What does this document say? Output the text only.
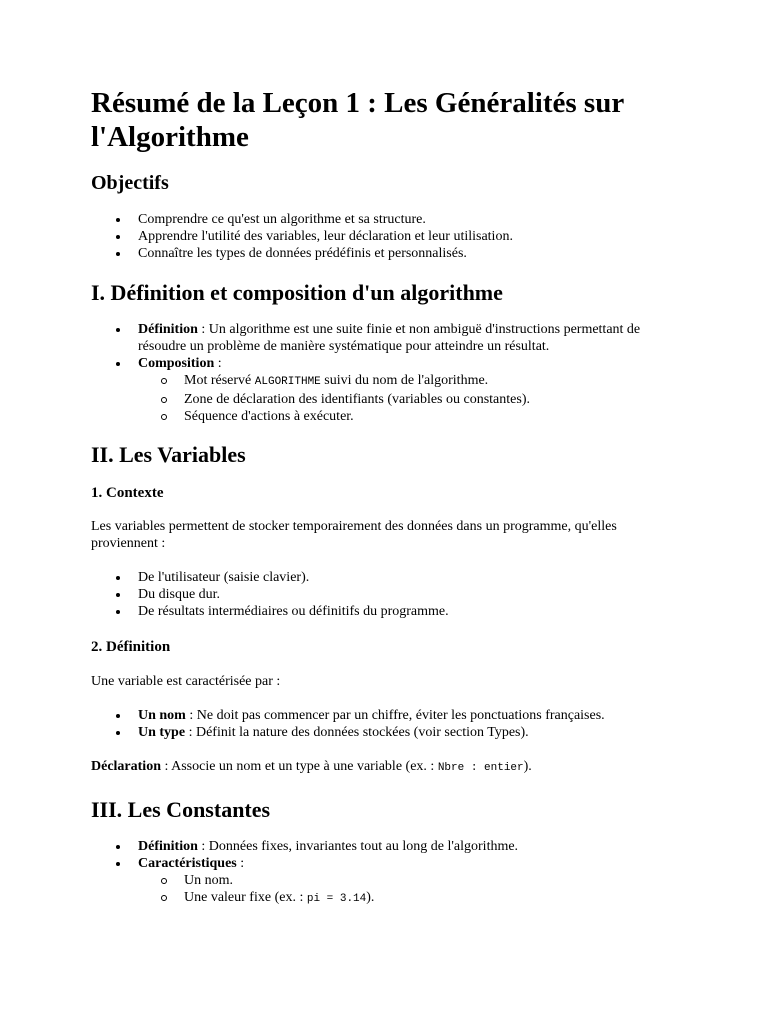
Résumé de la Leçon 1 : Les Généralités sur l'Algorithme
Objectifs
Comprendre ce qu'est un algorithme et sa structure.
Apprendre l'utilité des variables, leur déclaration et leur utilisation.
Connaître les types de données prédéfinis et personnalisés.
I. Définition et composition d'un algorithme
Définition : Un algorithme est une suite finie et non ambiguë d'instructions permettant de résoudre un problème de manière systématique pour atteindre un résultat.
Composition :
Mot réservé ALGORITHME suivi du nom de l'algorithme.
Zone de déclaration des identifiants (variables ou constantes).
Séquence d'actions à exécuter.
II. Les Variables
1. Contexte

Les variables permettent de stocker temporairement des données dans un programme, qu'elles proviennent :

De l'utilisateur (saisie clavier).
Du disque dur.
De résultats intermédiaires ou définitifs du programme.
2. Définition

Une variable est caractérisée par :

Un nom : Ne doit pas commencer par un chiffre, éviter les ponctuations françaises.
Un type : Définit la nature des données stockées (voir section Types).

Déclaration : Associe un nom et un type à une variable (ex. : Nbre : entier).

III. Les Constantes
Définition : Données fixes, invariantes tout au long de l'algorithme.
Caractéristiques :
Un nom.
Une valeur fixe (ex. : pi = 3.14).
